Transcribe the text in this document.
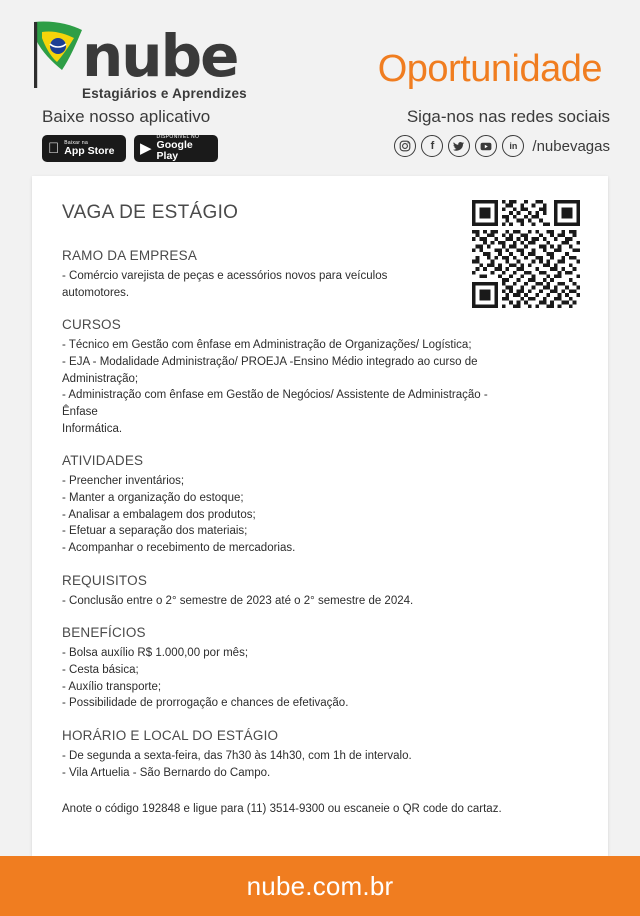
nube
Estagiários e Aprendizes
Oportunidade
Baixe nosso aplicativo
Baixar na
App Store ▶
DISPONÍVEL NO
Google Play
Siga-nos nas redes sociais
f	in	/nubevagas
VAGA DE ESTÁGIO
RAMO DA EMPRESA
- Comércio varejista de peças e acessórios novos para veículos
automotores.
CURSOS
- Técnico em Gestão com ênfase em Administração de Organizações/ Logística;
- EJA - Modalidade Administração/ PROEJA -Ensino Médio integrado ao curso de Administração;
- Administração com ênfase em Gestão de Negócios/ Assistente de Administração - Ênfase
Informática.
ATIVIDADES
- Preencher inventários;
- Manter a organização do estoque;
- Analisar a embalagem dos produtos;
- Efetuar a separação dos materiais;
- Acompanhar o recebimento de mercadorias.
REQUISITOS
- Conclusão entre o 2° semestre de 2023 até o 2° semestre de 2024.
BENEFÍCIOS
- Bolsa auxílio R$ 1.000,00 por mês;
- Cesta básica;
- Auxílio transporte;
- Possibilidade de prorrogação e chances de efetivação.
HORÁRIO E LOCAL DO ESTÁGIO
- De segunda a sexta-feira, das 7h30 às 14h30, com 1h de intervalo.
- Vila Artuelia - São Bernardo do Campo.
Anote o código 192848 e ligue para (11) 3514-9300 ou escaneie o QR code do cartaz.
nube.com.br
